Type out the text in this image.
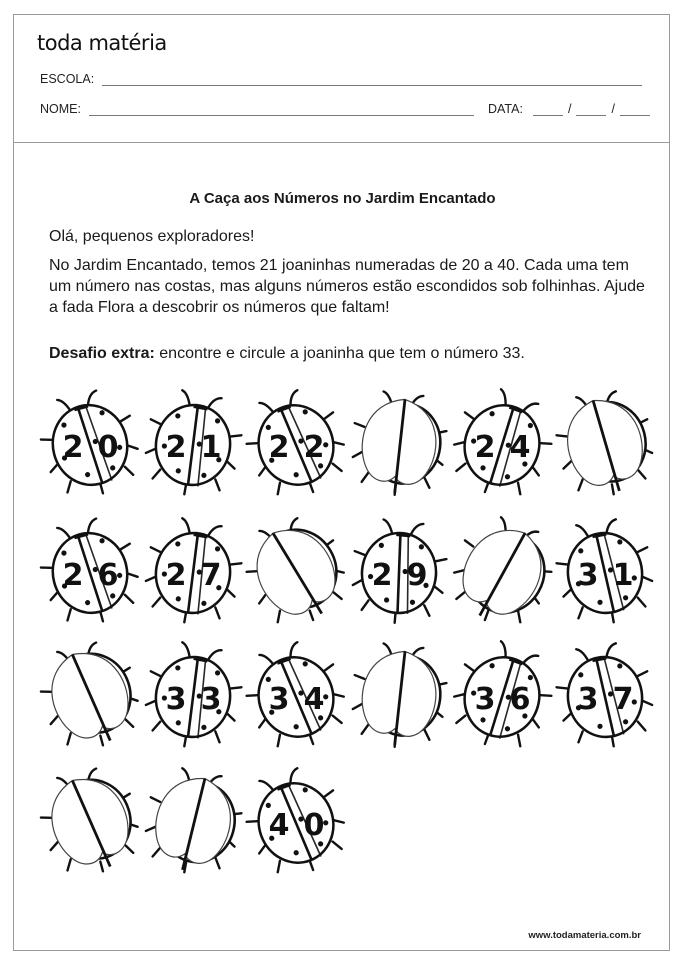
toda matéria
ESCOLA:
NOME:	DATA:	/	/
A Caça aos Números no Jardim Encantado
Olá, pequenos exploradores!
No Jardim Encantado, temos 21 joaninhas numeradas de 20 a 40. Cada uma tem um número nas costas, mas alguns números estão escondidos sob folhinhas. Ajude a fada Flora a descobrir os números que faltam!
Desafio extra: encontre e circule a joaninha que tem o número 33.
2 0 2 1 2 2	2 4
2 6 2 7	2 9	3 1
3 3 3 4	3 6 3 7
4 0
www.todamateria.com.br
